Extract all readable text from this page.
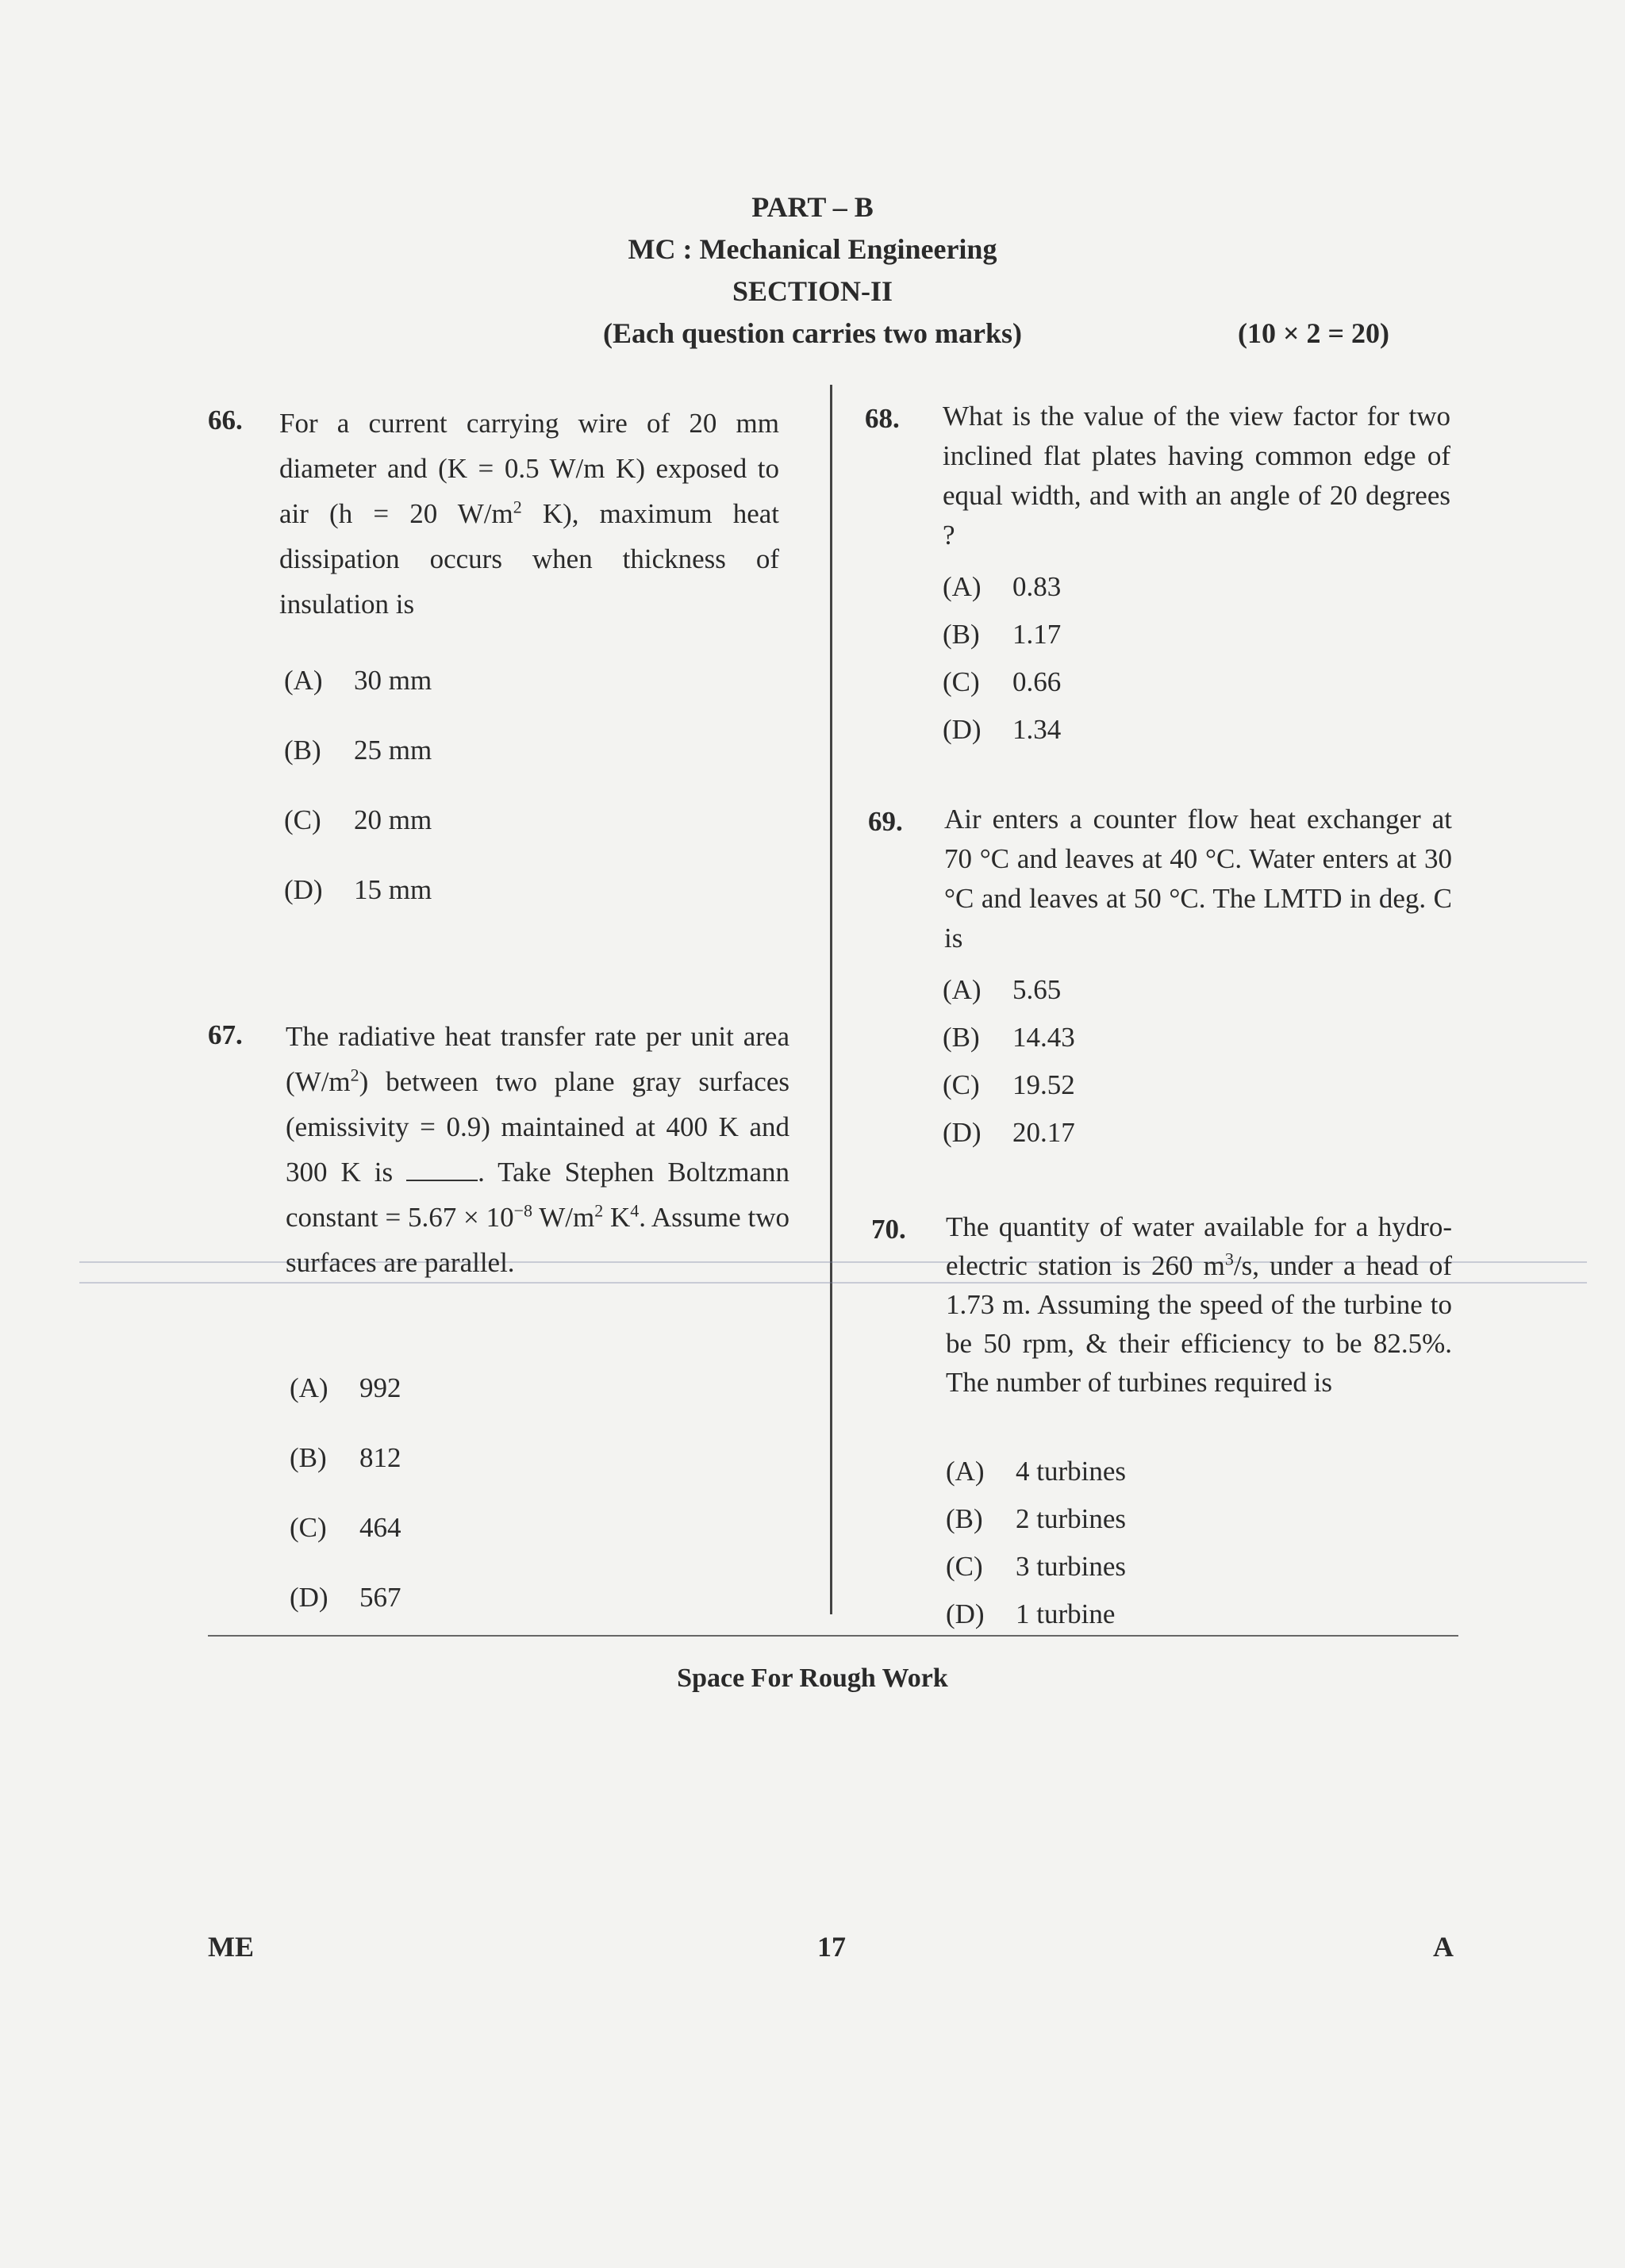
PART – B
MC : Mechanical Engineering
SECTION-II
(Each question carries two marks)	(10 × 2 = 20)
66. For a current carrying wire of 20 mm diameter and (K = 0.5 W/m K) exposed to air (h = 20 $W/m^2$ K), maximum heat dissipation occurs when thickness of insulation is
(A) 30 mm
(B) 25 mm
(C) 20 mm
(D) 15 mm
67. The radiative heat transfer rate per unit area $(W/m^2)$ between two plane gray surfaces (emissivity = 0.9) maintained at 400 K and 300 K is	. Take Stephen Boltzmann constant = $5.67 \times 10^{-8}$ $W/m^2$ $K^4$. Assume two surfaces are parallel.
(A) 992
(B) 812
(C) 464
(D) 567
68. What is the value of the view factor for two inclined flat plates having common edge of equal width, and with an angle of 20 degrees ?
(A) 0.83
(B) 1.17
(C) 0.66
(D) 1.34
69. Air enters a counter flow heat exchanger at 70 °C and leaves at 40 °C. Water enters at 30 °C and leaves at 50 °C. The LMTD in deg. C is
(A) 5.65
(B) 14.43
(C) 19.52
(D) 20.17
70. The quantity of water available for a hydro-electric station is 260 $m^3/s$, under a head of 1.73 m. Assuming the speed of the turbine to be 50 rpm, & their efficiency to be 82.5%. The number of turbines required is
(A) 4 turbines
(B) 2 turbines
(C) 3 turbines
(D) 1 turbine
Space For Rough Work
ME	17	A
